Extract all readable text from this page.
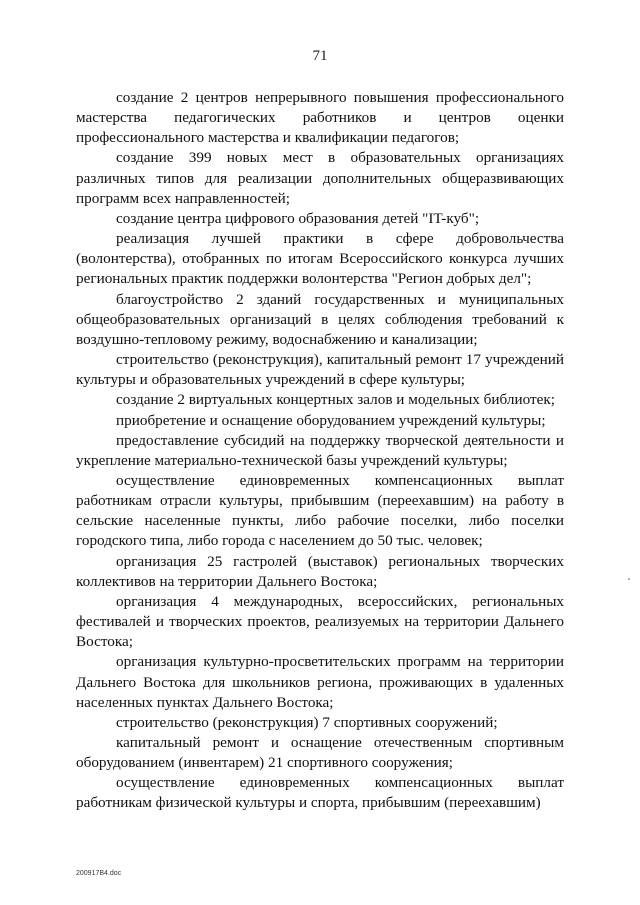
71

создание 2 центров непрерывного повышения профессионального мастерства педагогических работников и центров оценки профессионального мастерства и квалификации педагогов;

создание 399 новых мест в образовательных организациях различных типов для реализации дополнительных общеразвивающих программ всех направленностей;

создание центра цифрового образования детей "IT-куб";

реализация лучшей практики в сфере добровольчества (волонтерства), отобранных по итогам Всероссийского конкурса лучших региональных практик поддержки волонтерства "Регион добрых дел";

благоустройство 2 зданий государственных и муниципальных общеобразовательных организаций в целях соблюдения требований к воздушно-тепловому режиму, водоснабжению и канализации;

строительство (реконструкция), капитальный ремонт 17 учреждений культуры и образовательных учреждений в сфере культуры;

создание 2 виртуальных концертных залов и модельных библиотек;

приобретение и оснащение оборудованием учреждений культуры;

предоставление субсидий на поддержку творческой деятельности и укрепление материально-технической базы учреждений культуры;

осуществление единовременных компенсационных выплат работникам отрасли культуры, прибывшим (переехавшим) на работу в сельские населенные пункты, либо рабочие поселки, либо поселки городского типа, либо города с населением до 50 тыс. человек;

организация 25 гастролей (выставок) региональных творческих коллективов на территории Дальнего Востока;

организация 4 международных, всероссийских, региональных фестивалей и творческих проектов, реализуемых на территории Дальнего Востока;

организация культурно-просветительских программ на территории Дальнего Востока для школьников региона, проживающих в удаленных населенных пунктах Дальнего Востока;

строительство (реконструкция) 7 спортивных сооружений;

капитальный ремонт и оснащение отечественным спортивным оборудованием (инвентарем) 21 спортивного сооружения;

осуществление единовременных компенсационных выплат работникам физической культуры и спорта, прибывшим (переехавшим)

200917B4.doc
